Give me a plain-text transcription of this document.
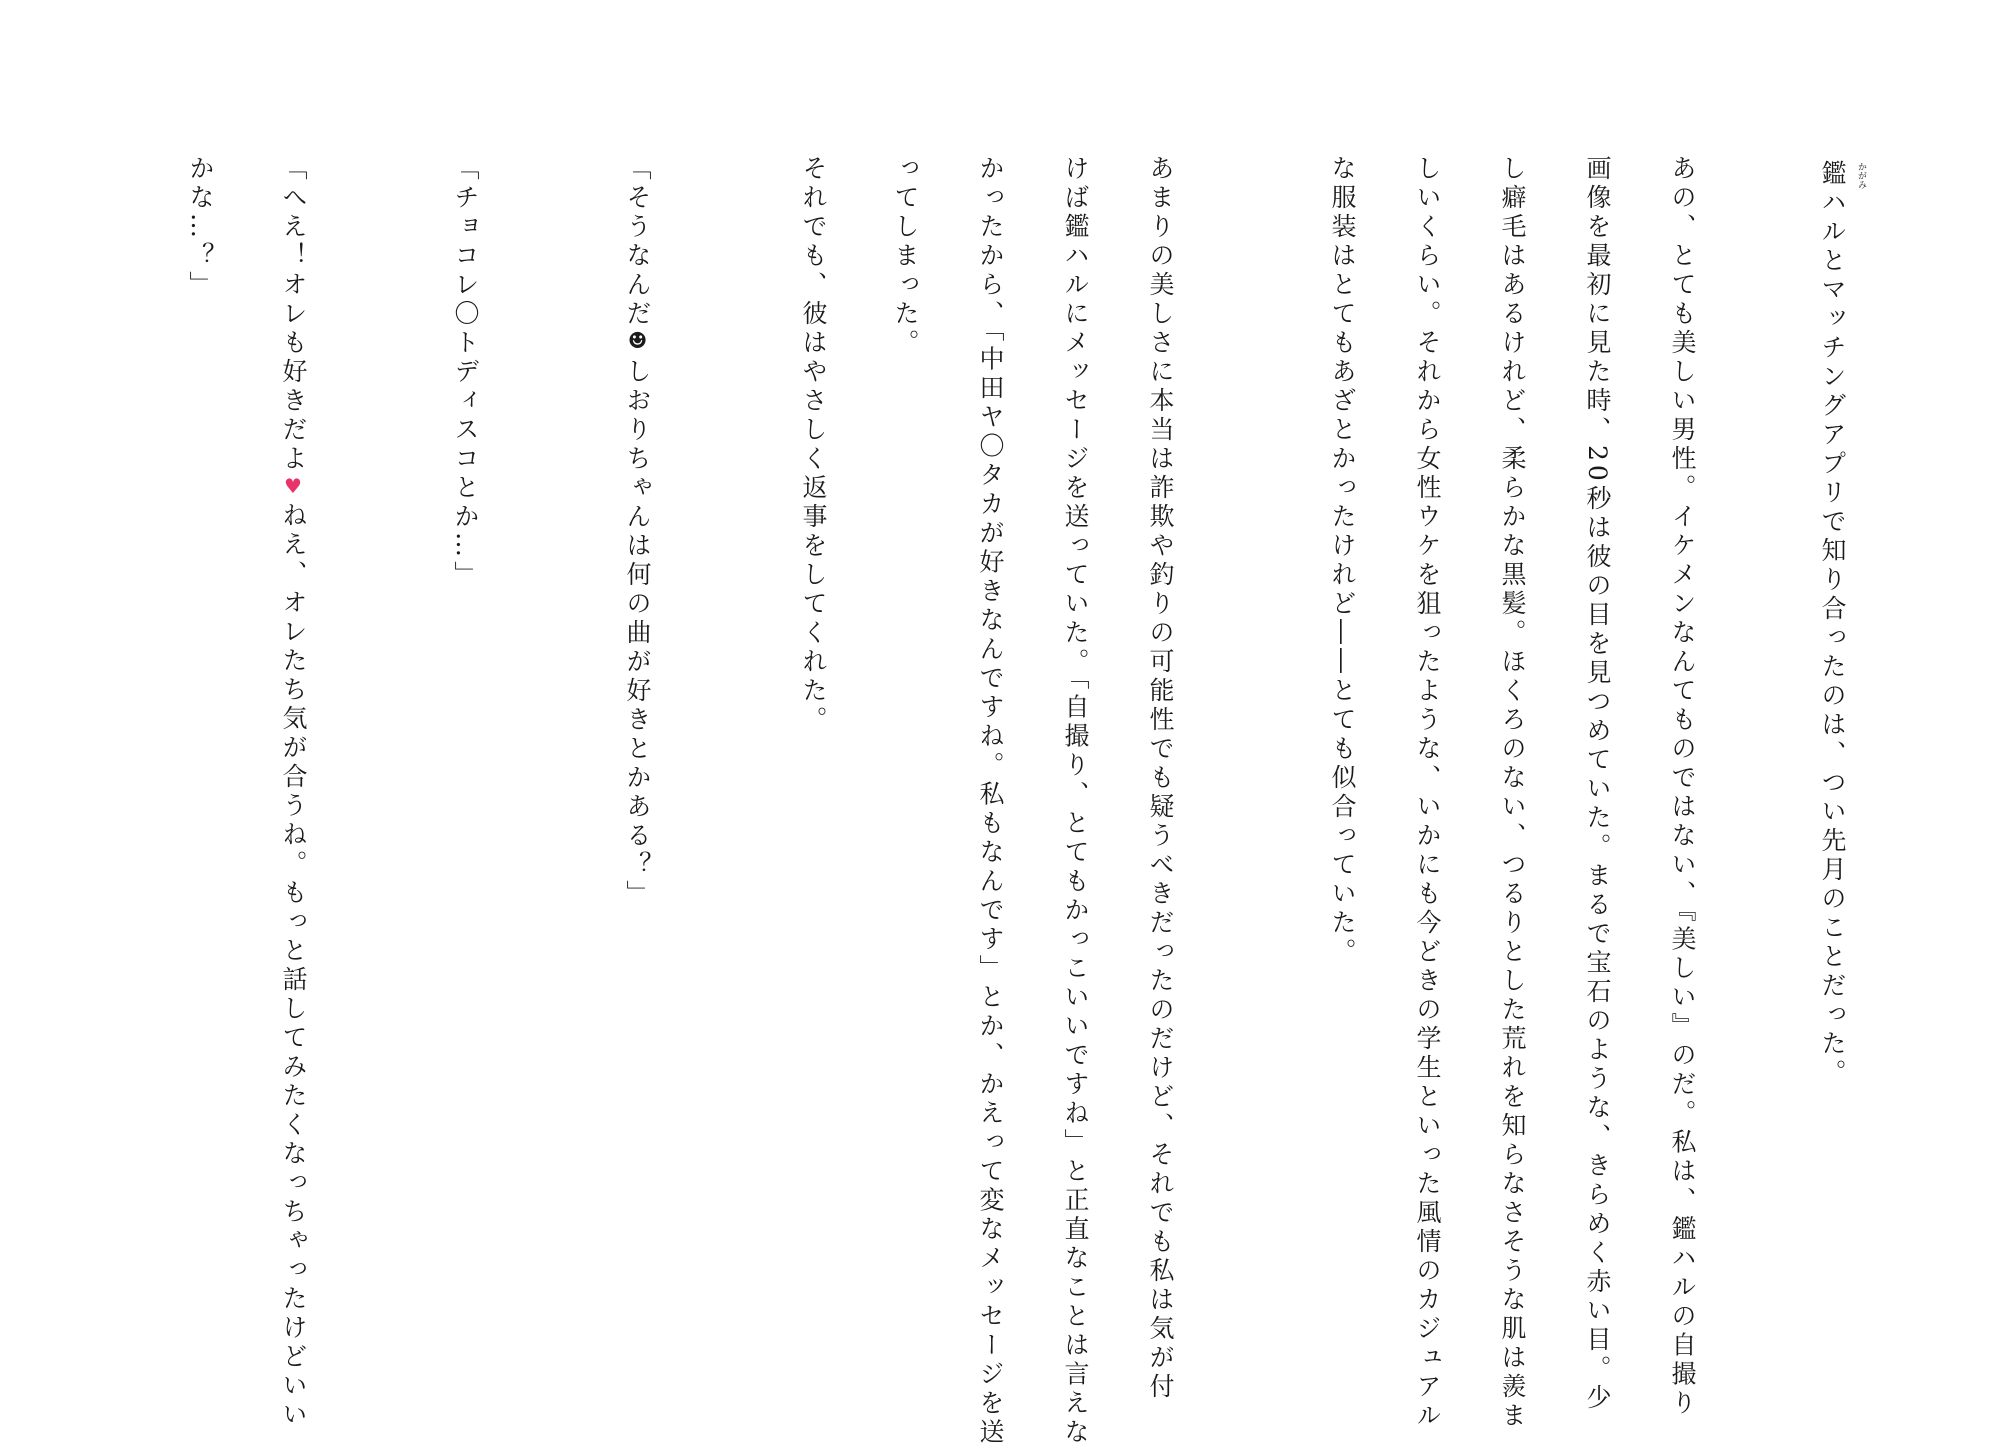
鑑 かがみ
ハルとマッチングアプリで知り合ったのは、つい先月のことだった。
あの、とても美しい男性。イケメンなんてものではない、『美しい』のだ。私は、鑑ハルの自撮り
画像を最初に見た時、20秒は彼の目を見つめていた。まるで宝石のような、きらめく赤い目。少
し癖毛はあるけれど、柔らかな黒髪。ほくろのない、つるりとした荒れを知らなさそうな肌は羨ま
しいくらい。それから女性ウケを狙ったような、いかにも今どきの学生といった風情のカジュアル
な服装はとてもあざとかったけれど――とても似合っていた。
あまりの美しさに本当は詐欺や釣りの可能性でも疑うべきだったのだけど、それでも私は気が付
けば鑑ハルにメッセージを送っていた。「自撮り、とてもかっこいいですね」と正直なことは言えな
かったから、「中田ヤ〇タカが好きなんですね。私もなんです」とか、かえって変なメッセージを送
ってしまった。
それでも、彼はやさしく返事をしてくれた。
「そうなんだ☻しおりちゃんは何の曲が好きとかある？」
「チョコレ〇トディスコとか…」
「へえ！オレも好きだよ♥ねえ、オレたち気が合うね。もっと話してみたくなっちゃったけどいい
かな…？」
